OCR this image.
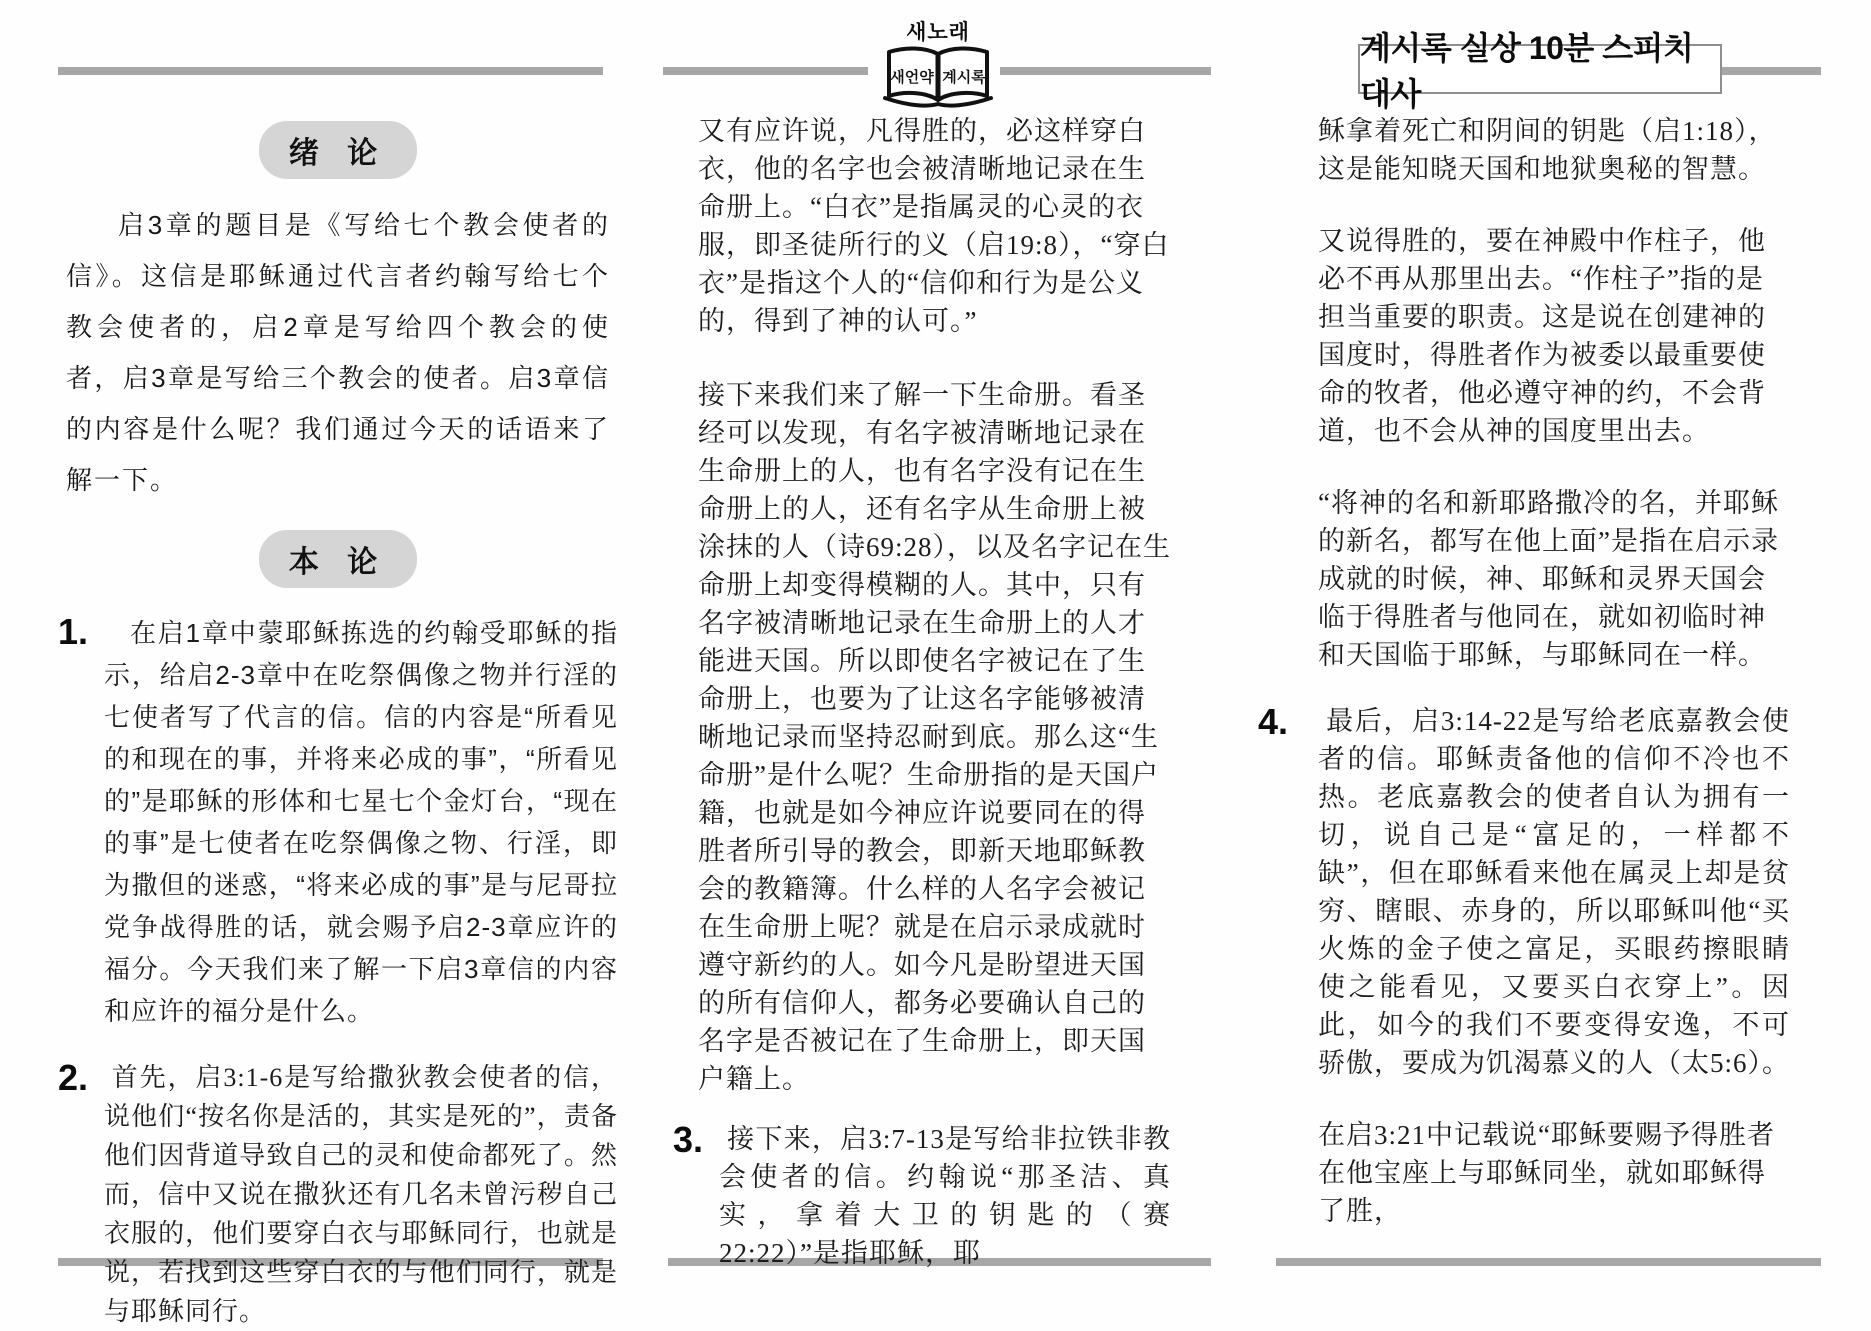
새노래
새언약 계시록
계시록 실상 10분 스피치 대사
绪 论

启3章的题目是《写给七个教会使者的信》。这信是耶稣通过代言者约翰写给七个教会使者的，启2章是写给四个教会的使者，启3章是写给三个教会的使者。启3章信的内容是什么呢？我们通过今天的话语来了解一下。

本 论
1.	在启1章中蒙耶稣拣选的约翰受耶稣的指示，给启2-3章中在吃祭偶像之物并行淫的七使者写了代言的信。信的内容是“所看见的和现在的事，并将来必成的事”，“所看见的”是耶稣的形体和七星七个金灯台，“现在的事”是七使者在吃祭偶像之物、行淫，即为撒但的迷惑，“将来必成的事”是与尼哥拉党争战得胜的话，就会赐予启2-3章应许的福分。今天我们来了解一下启3章信的内容和应许的福分是什么。

2. 首先，启3:1-6是写给撒狄教会使者的信，说他们“按名你是活的，其实是死的”，责备他们因背道导致自己的灵和使命都死了。然而，信中又说在撒狄还有几名未曾污秽自己衣服的，他们要穿白衣与耶稣同行，也就是说，若找到这些穿白衣的与他们同行，就是与耶稣同行。

又有应许说，凡得胜的，必这样穿白衣，他的名字也会被清晰地记录在生命册上。“白衣”是指属灵的心灵的衣服，即圣徒所行的义（启19:8），“穿白衣”是指这个人的“信仰和行为是公义的，得到了神的认可。”

接下来我们来了解一下生命册。看圣经可以发现，有名字被清晰地记录在生命册上的人，也有名字没有记在生命册上的人，还有名字从生命册上被涂抹的人（诗69:28），以及名字记在生命册上却变得模糊的人。其中，只有名字被清晰地记录在生命册上的人才能进天国。所以即使名字被记在了生命册上，也要为了让这名字能够被清晰地记录而坚持忍耐到底。那么这“生命册”是什么呢？生命册指的是天国户籍，也就是如今神应许说要同在的得胜者所引导的教会，即新天地耶稣教会的教籍簿。什么样的人名字会被记在生命册上呢？就是在启示录成就时遵守新约的人。如今凡是盼望进天国的所有信仰人，都务必要确认自己的名字是否被记在了生命册上，即天国户籍上。

3. 接下来，启3:7-13是写给非拉铁非教会使者的信。约翰说“那圣洁、真实，拿着大卫的钥匙的（赛22:22）”是指耶稣，耶

稣拿着死亡和阴间的钥匙（启1:18），这是能知晓天国和地狱奥秘的智慧。

又说得胜的，要在神殿中作柱子，他必不再从那里出去。“作柱子”指的是担当重要的职责。这是说在创建神的国度时，得胜者作为被委以最重要使命的牧者，他必遵守神的约，不会背道，也不会从神的国度里出去。

“将神的名和新耶路撒冷的名，并耶稣的新名，都写在他上面”是指在启示录成就的时候，神、耶稣和灵界天国会临于得胜者与他同在，就如初临时神和天国临于耶稣，与耶稣同在一样。

4.	最后，启3:14-22是写给老底嘉教会使者的信。耶稣责备他的信仰不冷也不热。老底嘉教会的使者自认为拥有一切，说自己是“富足的，一样都不缺”，但在耶稣看来他在属灵上却是贫穷、瞎眼、赤身的，所以耶稣叫他“买火炼的金子使之富足，买眼药擦眼睛使之能看见，又要买白衣穿上”。因此，如今的我们不要变得安逸，不可骄傲，要成为饥渴慕义的人（太5:6）。

在启3:21中记载说“耶稣要赐予得胜者在他宝座上与耶稣同坐，就如耶稣得了胜，
